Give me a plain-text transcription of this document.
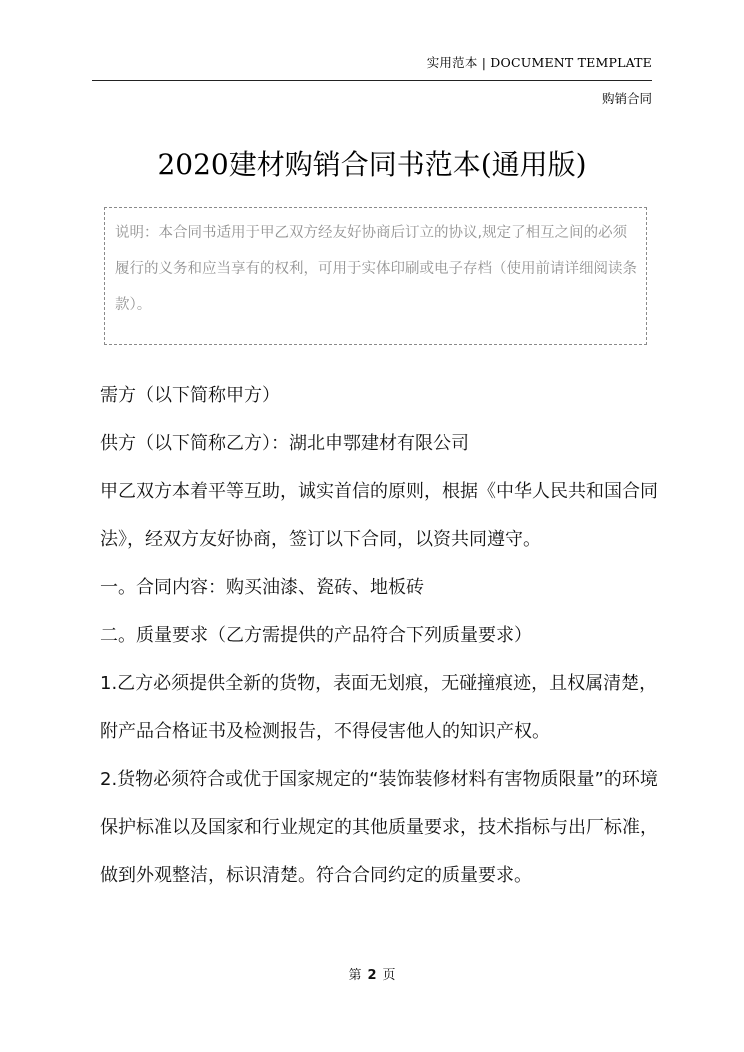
实用范本 | DOCUMENT TEMPLATE
购销合同
2020建材购销合同书范本(通用版)

说明：本合同书适用于甲乙双方经友好协商后订立的协议,规定了相互之间的必须履行的义务和应当享有的权利，可用于实体印刷或电子存档（使用前请详细阅读条款）。

需方（以下简称甲方）

供方（以下简称乙方）：湖北申鄂建材有限公司

甲乙双方本着平等互助，诚实首信的原则，根据《中华人民共和国合同法》，经双方友好协商，签订以下合同，以资共同遵守。

一。合同内容：购买油漆、瓷砖、地板砖

二。质量要求（乙方需提供的产品符合下列质量要求）

1.乙方必须提供全新的货物，表面无划痕，无碰撞痕迹，且权属清楚，附产品合格证书及检测报告，不得侵害他人的知识产权。

2.货物必须符合或优于国家规定的“装饰装修材料有害物质限量”的环境保护标准以及国家和行业规定的其他质量要求，技术指标与出厂标准，做到外观整洁，标识清楚。符合合同约定的质量要求。

第 2 页
